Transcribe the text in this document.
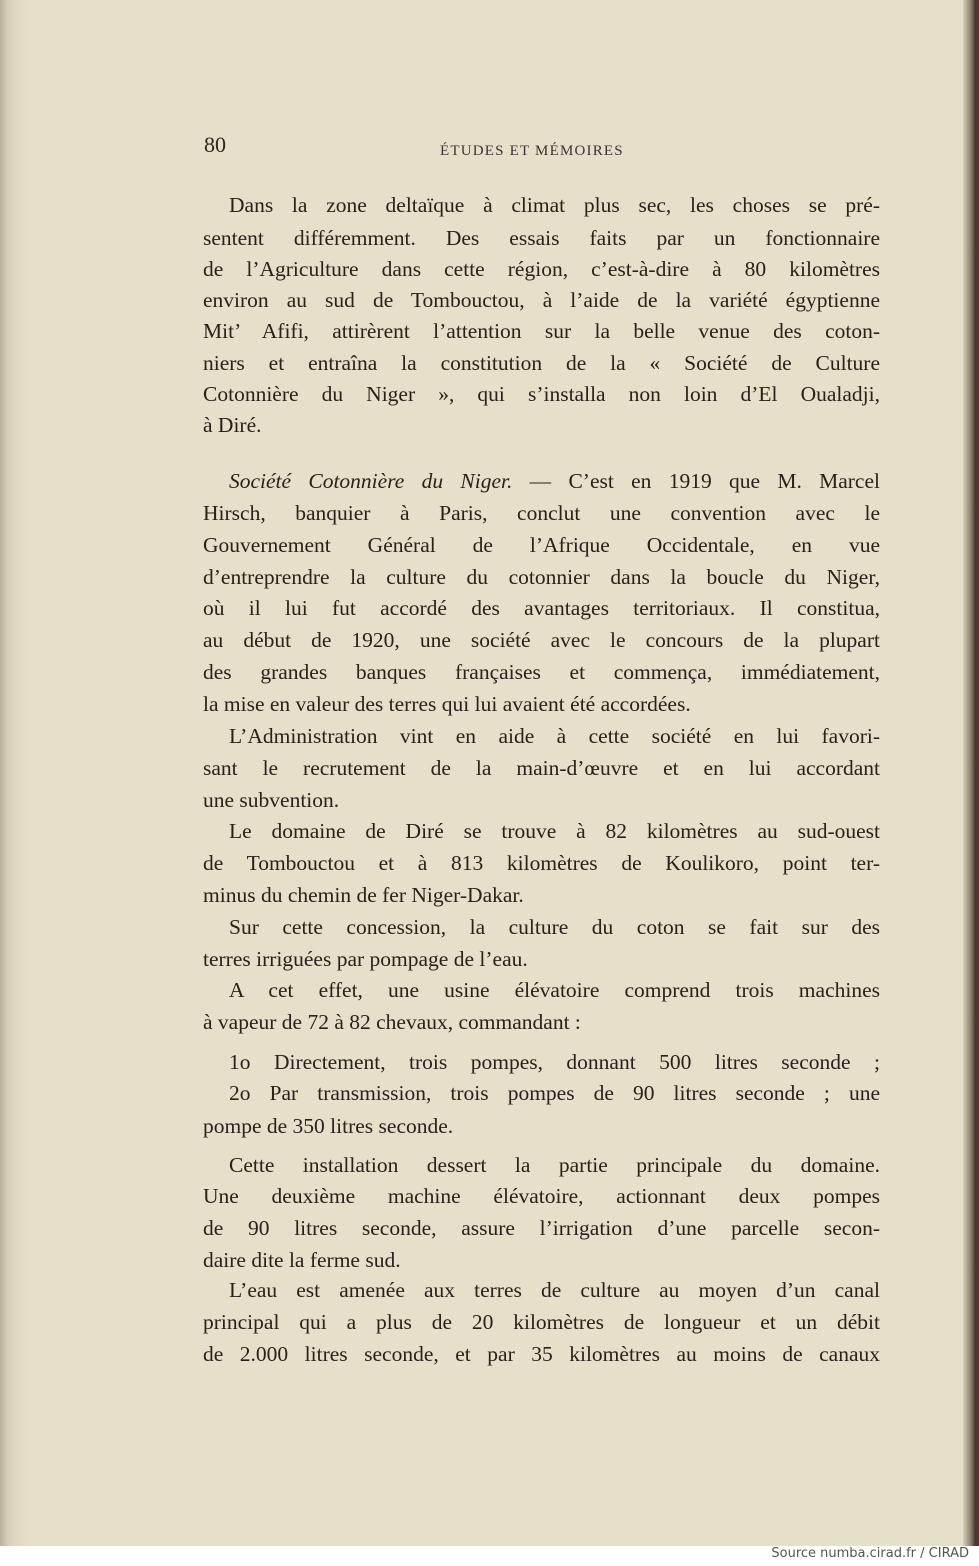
80	ÉTUDES ET MÉMOIRES
Dans la zone deltaïque à climat plus sec, les choses se pré-
sentent différemment. Des essais faits par un fonctionnaire
de l’Agriculture dans cette région, c’est-à-dire à 80 kilomètres
environ au sud de Tombouctou, à l’aide de la variété égyptienne
Mit’ Afifi, attirèrent l’attention sur la belle venue des coton-
niers et entraîna la constitution de la « Société de Culture
Cotonnière du Niger », qui s’installa non loin d’El Oualadji,
à Diré.
Société Cotonnière du Niger. — C’est en 1919 que M. Marcel
Hirsch, banquier à Paris, conclut une convention avec le
Gouvernement Général de l’Afrique Occidentale, en vue
d’entreprendre la culture du cotonnier dans la boucle du Niger,
où il lui fut accordé des avantages territoriaux. Il constitua,
au début de 1920, une société avec le concours de la plupart
des grandes banques françaises et commença, immédiatement,
la mise en valeur des terres qui lui avaient été accordées.
L’Administration vint en aide à cette société en lui favori-
sant le recrutement de la main-d’œuvre et en lui accordant
une subvention.
Le domaine de Diré se trouve à 82 kilomètres au sud-ouest
de Tombouctou et à 813 kilomètres de Koulikoro, point ter-
minus du chemin de fer Niger-Dakar.
Sur cette concession, la culture du coton se fait sur des
terres irriguées par pompage de l’eau.
A cet effet, une usine élévatoire comprend trois machines
à vapeur de 72 à 82 chevaux, commandant :
1o Directement, trois pompes, donnant 500 litres seconde ;
2o Par transmission, trois pompes de 90 litres seconde ; une
pompe de 350 litres seconde.
Cette installation dessert la partie principale du domaine.
Une deuxième machine élévatoire, actionnant deux pompes
de 90 litres seconde, assure l’irrigation d’une parcelle secon-
daire dite la ferme sud.
L’eau est amenée aux terres de culture au moyen d’un canal
principal qui a plus de 20 kilomètres de longueur et un débit
de 2.000 litres seconde, et par 35 kilomètres au moins de canaux
Source numba.cirad.fr / CIRAD
